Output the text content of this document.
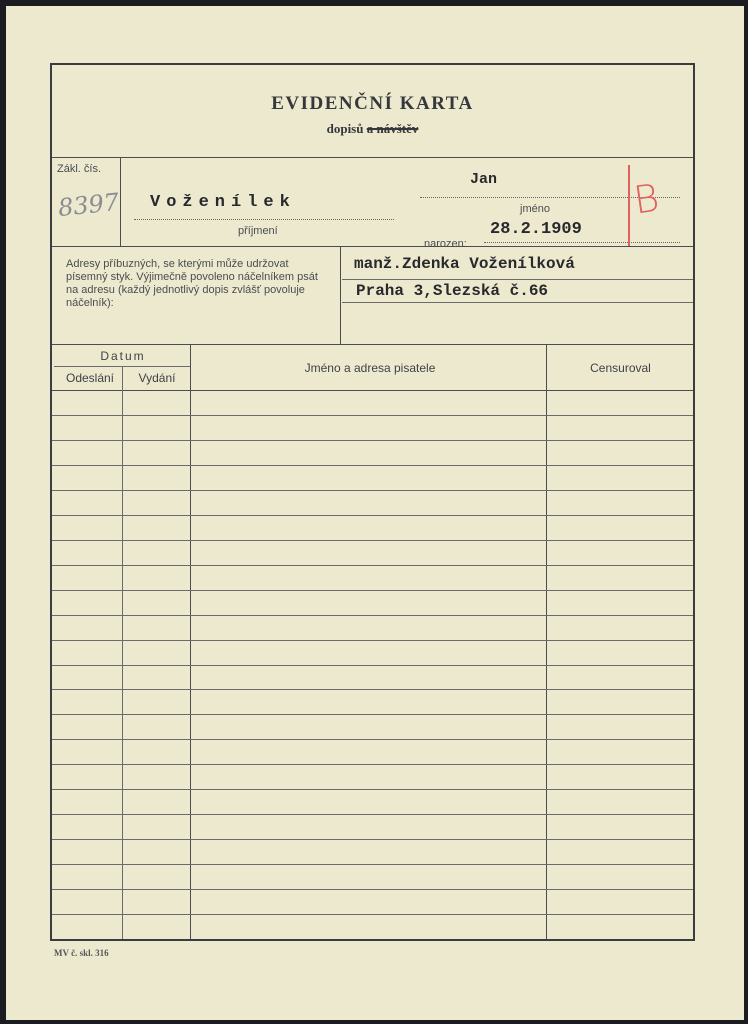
EVIDENČNÍ KARTA
dopisů a návštěv
Zákl. čís.
8397 Voženílek
příjmení
Jan
jméno
narozen:
28.2.1909
B
Adresy příbuzných, se kterými může udržovat písemný styk. Výjimečně povoleno náčelníkem psát na adresu (každý jednotlivý dopis zvlášť povoluje náčelník):
manž.Zdenka Voženílková
Praha 3,Slezská č.66
Datum
Odeslání	Vydání
Jméno a adresa pisatele	Censuroval
MV č. skl. 316
